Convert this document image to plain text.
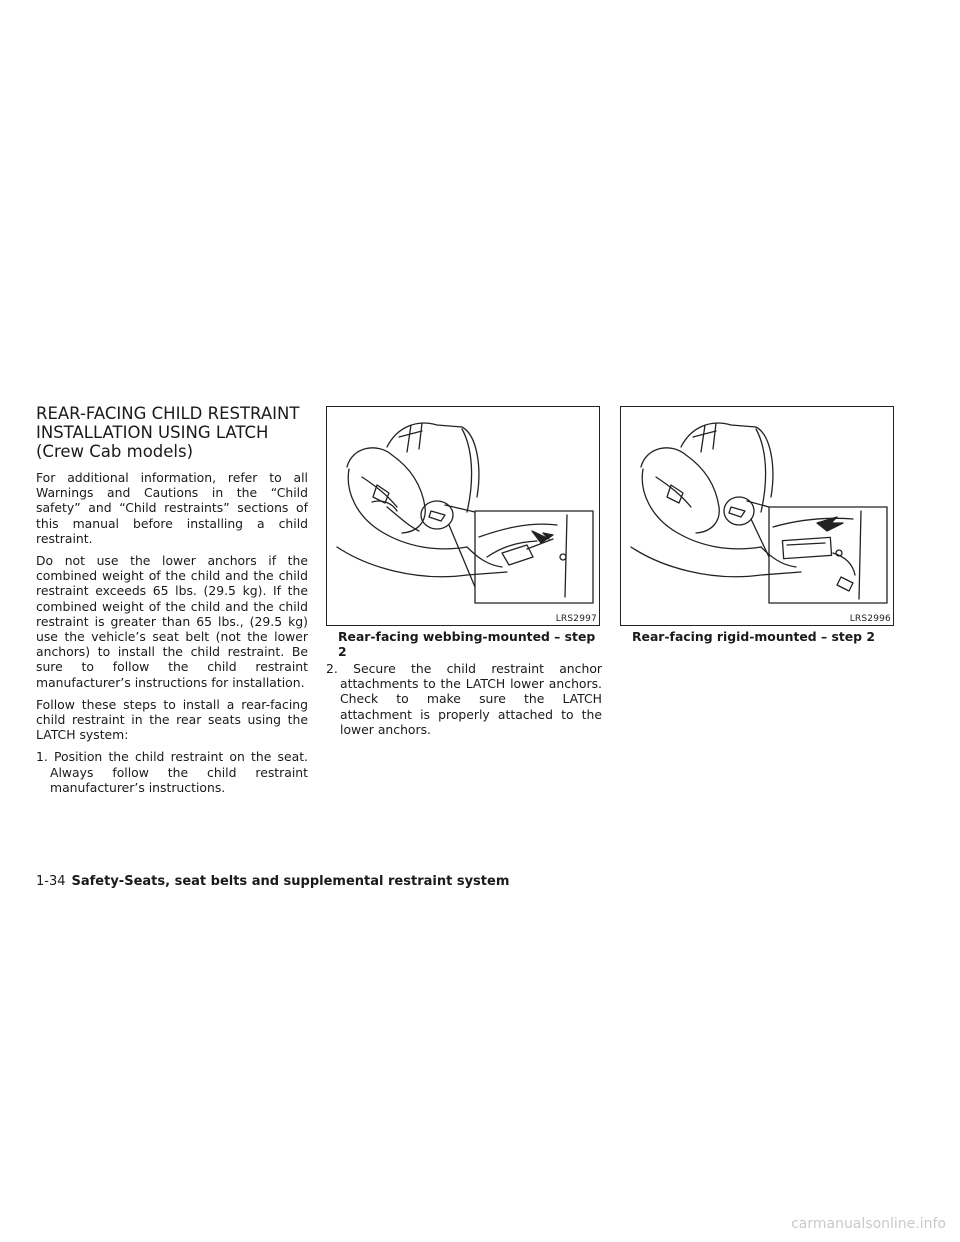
REAR-FACING CHILD RESTRAINT INSTALLATION USING LATCH (Crew Cab models)

For additional information, refer to all Warnings and Cautions in the “Child safety” and “Child restraints” sections of this manual before installing a child restraint.

Do not use the lower anchors if the combined weight of the child and the child restraint exceeds 65 lbs. (29.5 kg). If the combined weight of the child and the child restraint is greater than 65 lbs., (29.5 kg) use the vehicle’s seat belt (not the lower anchors) to install the child restraint. Be sure to follow the child restraint manufacturer’s instructions for installation.

Follow these steps to install a rear-facing child restraint in the rear seats using the LATCH system:

1. Position the child restraint on the seat. Always follow the child restraint manufacturer’s instructions.

LRS2997

Rear-facing webbing-mounted – step 2

2. Secure the child restraint anchor attachments to the LATCH lower anchors. Check to make sure the LATCH attachment is properly attached to the lower anchors.

LRS2996

Rear-facing rigid-mounted – step 2

1-34 Safety-Seats, seat belts and supplemental restraint system
carmanualsonline.info
